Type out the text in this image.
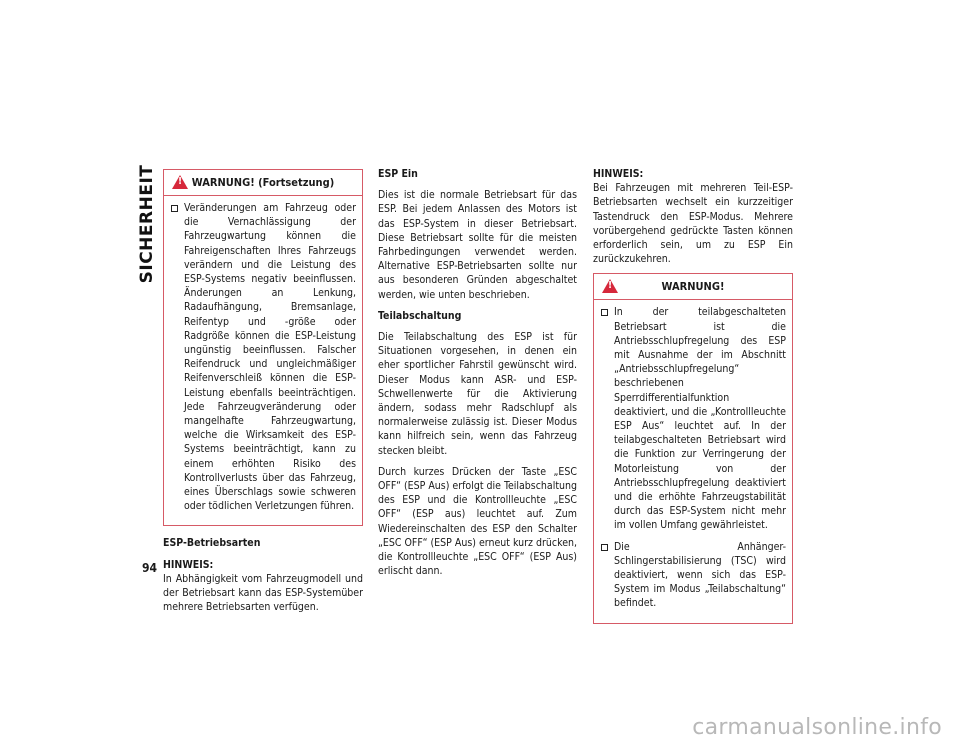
SICHERHEIT
94
!
WARNUNG! (Fortsetzung)
Veränderungen am Fahrzeug oder die Vernachlässigung der Fahrzeugwartung können die Fahreigenschaften Ihres Fahrzeugs verändern und die Leistung des ESP-Systems negativ beeinflussen. Änderungen an Lenkung, Radaufhängung, Bremsanlage, Reifentyp und -größe oder Radgröße können die ESP-Leistung ungünstig beeinflussen. Falscher Reifendruck und ungleichmäßiger Reifenverschleiß können die ESP-Leistung ebenfalls beeinträchtigen. Jede Fahrzeugveränderung oder mangelhafte Fahrzeugwartung, welche die Wirksamkeit des ESP-Systems beeinträchtigt, kann zu einem erhöhten Risiko des Kontrollverlusts über das Fahrzeug, eines Überschlags sowie schweren oder tödlichen Verletzungen führen.

ESP-Betriebsarten

HINWEIS:

In Abhängigkeit vom Fahrzeugmodell und der Betriebsart kann das ESP-Systemüber mehrere Betriebsarten verfügen.

ESP Ein

Dies ist die normale Betriebsart für das ESP. Bei jedem Anlassen des Motors ist das ESP-System in dieser Betriebsart. Diese Betriebsart sollte für die meisten Fahrbedingungen verwendet werden. Alternative ESP-Betriebsarten sollte nur aus besonderen Gründen abgeschaltet werden, wie unten beschrieben.

Teilabschaltung

Die Teilabschaltung des ESP ist für Situationen vorgesehen, in denen ein eher sportlicher Fahrstil gewünscht wird. Dieser Modus kann ASR- und ESP-Schwellenwerte für die Aktivierung ändern, sodass mehr Radschlupf als normalerweise zulässig ist. Dieser Modus kann hilfreich sein, wenn das Fahrzeug stecken bleibt.

Durch kurzes Drücken der Taste „ESC OFF“ (ESP Aus) erfolgt die Teilabschaltung des ESP und die Kontrollleuchte „ESC OFF“ (ESP aus) leuchtet auf. Zum Wiedereinschalten des ESP den Schalter „ESC OFF“ (ESP Aus) erneut kurz drücken, die Kontrollleuchte „ESC OFF“ (ESP Aus) erlischt dann.

HINWEIS:

Bei Fahrzeugen mit mehreren Teil-ESP-Betriebsarten wechselt ein kurzzeitiger Tastendruck den ESP-Modus. Mehrere vorübergehend gedrückte Tasten können erforderlich sein, um zu ESP Ein zurückzukehren.

!
WARNUNG!
In der teilabgeschalteten Betriebsart ist die Antriebsschlupfregelung des ESP mit Ausnahme der im Abschnitt „Antriebsschlupfregelung“ beschriebenen Sperrdifferentialfunktion deaktiviert, und die „Kontrollleuchte ESP Aus“ leuchtet auf. In der teilabgeschalteten Betriebsart wird die Funktion zur Verringerung der Motorleistung von der Antriebsschlupfregelung deaktiviert und die erhöhte Fahrzeugstabilität durch das ESP-System nicht mehr im vollen Umfang gewährleistet.
Die Anhänger-Schlingerstabilisierung (TSC) wird deaktiviert, wenn sich das ESP-System im Modus „Teilabschaltung“ befindet.
carmanualsonline.info
